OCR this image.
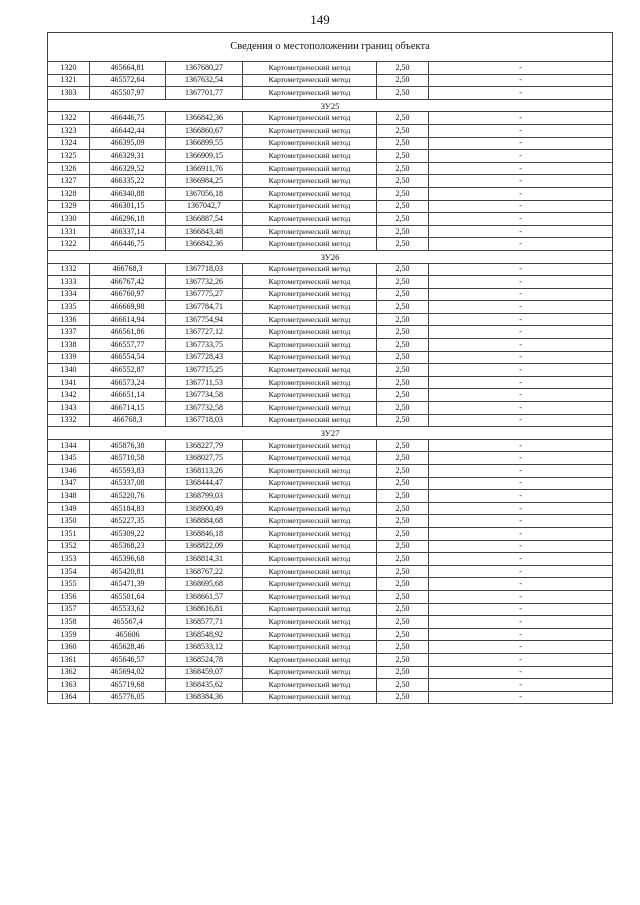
149
Сведения о местоположении границ объекта					
1320	465664,81	1367680,27	Картометрический метод	2,50	-
1321	465572,64	1367632,54	Картометрический метод	2,50	-
1303	465507,97	1367701,77	Картометрический метод	2,50	-
ЗУ25					
1322	466446,75	1366842,36	Картометрический метод	2,50	-
1323	466442,44	1366860,67	Картометрический метод	2,50	-
1324	466395,09	1366899,55	Картометрический метод	2,50	-
1325	466329,31	1366909,15	Картометрический метод	2,50	-
1326	466329,52	1366911,76	Картометрический метод	2,50	-
1327	466335,22	1366984,25	Картометрический метод	2,50	-
1328	466340,88	1367056,18	Картометрический метод	2,50	-
1329	466301,15	1367042,7	Картометрический метод	2,50	-
1330	466296,18	1366887,54	Картометрический метод	2,50	-
1331	466337,14	1366843,48	Картометрический метод	2,50	-
1322	466446,75	1366842,36	Картометрический метод	2,50	-
ЗУ26					
1332	466768,3	1367718,03	Картометрический метод	2,50	-
1333	466767,42	1367732,26	Картометрический метод	2,50	-
1334	466760,97	1367775,27	Картометрический метод	2,50	-
1335	466669,98	1367784,71	Картометрический метод	2,50	-
1336	466614,94	1367754,94	Картометрический метод	2,50	-
1337	466561,86	1367727,12	Картометрический метод	2,50	-
1338	466557,77	1367733,75	Картометрический метод	2,50	-
1339	466554,54	1367728,43	Картометрический метод	2,50	-
1340	466552,87	1367715,25	Картометрический метод	2,50	-
1341	466573,24	1367711,53	Картометрический метод	2,50	-
1342	466651,14	1367734,58	Картометрический метод	2,50	-
1343	466714,15	1367732,58	Картометрический метод	2,50	-
1332	466768,3	1367718,03	Картометрический метод	2,50	-
ЗУ27					
1344	465876,38	1368227,79	Картометрический метод	2,50	-
1345	465710,58	1368027,75	Картометрический метод	2,50	-
1346	465593,83	1368113,26	Картометрический метод	2,50	-
1347	465337,08	1368444,47	Картометрический метод	2,50	-
1348	465220,76	1368799,03	Картометрический метод	2,50	-
1349	465184,83	1368900,49	Картометрический метод	2,50	-
1350	465227,35	1368884,68	Картометрический метод	2,50	-
1351	465309,22	1368846,18	Картометрический метод	2,50	-
1352	465368,23	1368822,09	Картометрический метод	2,50	-
1353	465396,68	1368814,31	Картометрический метод	2,50	-
1354	465420,81	1368767,22	Картометрический метод	2,50	-
1355	465471,39	1368695,68	Картометрический метод	2,50	-
1356	465501,64	1368661,57	Картометрический метод	2,50	-
1357	465533,62	1368616,81	Картометрический метод	2,50	-
1358	465567,4	1368577,71	Картометрический метод	2,50	-
1359	465606	1368548,92	Картометрический метод	2,50	-
1360	465628,46	1368533,12	Картометрический метод	2,50	-
1361	465646,57	1368524,78	Картометрический метод	2,50	-
1362	465694,02	1368459,07	Картометрический метод	2,50	-
1363	465719,68	1368435,62	Картометрический метод	2,50	-
1364	465776,05	1368384,36	Картометрический метод	2,50	-
